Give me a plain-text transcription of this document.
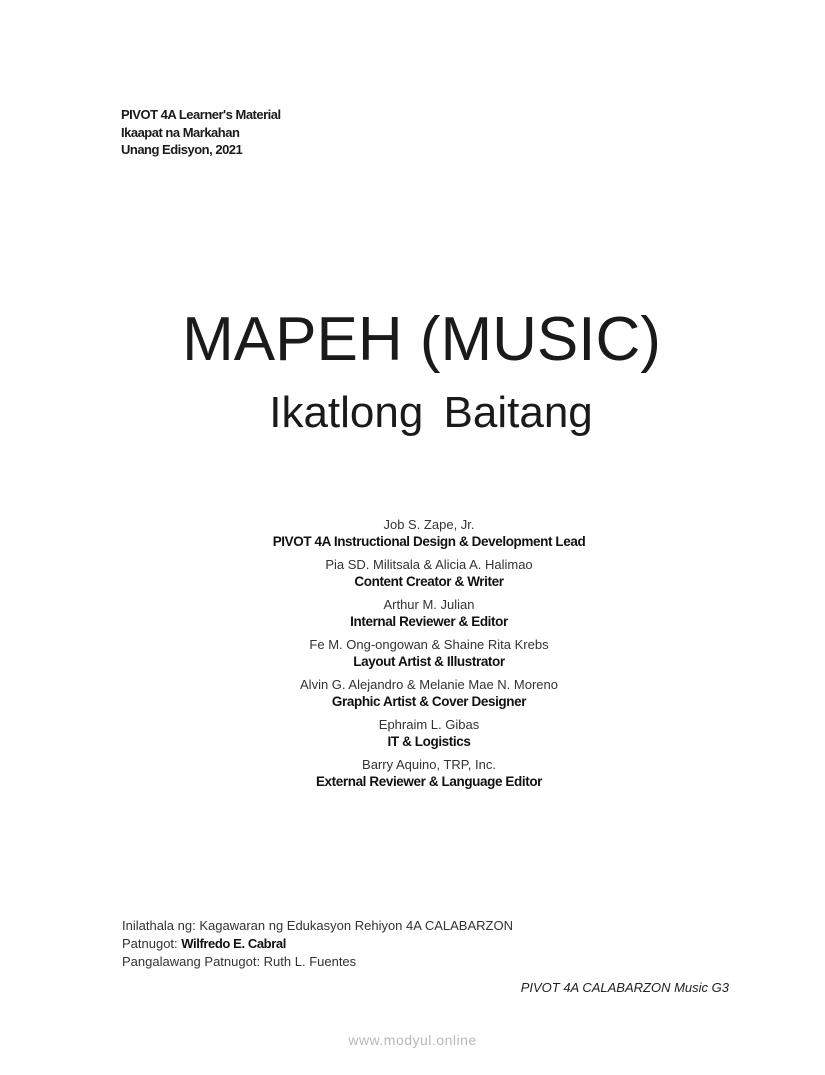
PIVOT 4A Learner's Material
Ikaapat na Markahan
Unang Edisyon, 2021
MAPEH (MUSIC)
Ikatlong Baitang
Job S. Zape, Jr.
PIVOT 4A Instructional Design & Development Lead
Pia SD. Militsala & Alicia A. Halimao
Content Creator & Writer
Arthur M. Julian
Internal Reviewer & Editor
Fe M. Ong-ongowan & Shaine Rita Krebs
Layout Artist & Illustrator
Alvin G. Alejandro & Melanie Mae N. Moreno
Graphic Artist & Cover Designer
Ephraim L. Gibas
IT & Logistics
Barry Aquino, TRP, Inc.
External Reviewer & Language Editor
Inilathala ng: Kagawaran ng Edukasyon Rehiyon 4A CALABARZON
Patnugot: Wilfredo E. Cabral
Pangalawang Patnugot: Ruth L. Fuentes
PIVOT 4A CALABARZON Music G3
www.modyul.online
